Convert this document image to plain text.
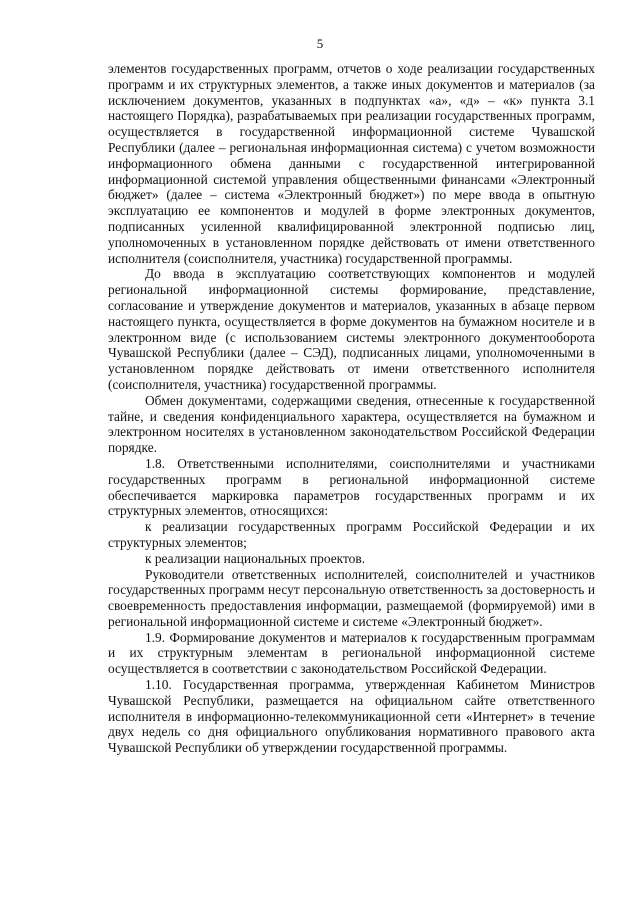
5

элементов государственных программ, отчетов о ходе реализации государственных программ и их структурных элементов, а также иных документов и материалов (за исключением документов, указанных в подпунктах «а», «д» – «к» пункта 3.1 настоящего Порядка), разрабатываемых при реализации государственных программ, осуществляется в государственной информационной системе Чувашской Республики (далее – региональная информационная система) с учетом возможности информационного обмена данными с государственной интегрированной информационной системой управления общественными финансами «Электронный бюджет» (далее – система «Электронный бюджет») по мере ввода в опытную эксплуатацию ее компонентов и модулей в форме электронных документов, подписанных усиленной квалифицированной электронной подписью лиц, уполномоченных в установленном порядке действовать от имени ответственного исполнителя (соисполнителя, участника) государственной программы.

До ввода в эксплуатацию соответствующих компонентов и модулей региональной информационной системы формирование, представление, согласование и утверждение документов и материалов, указанных в абзаце первом настоящего пункта, осуществляется в форме документов на бумажном носителе и в электронном виде (с использованием системы электронного документооборота Чувашской Республики (далее – СЭД), подписанных лицами, уполномоченными в установленном порядке действовать от имени ответственного исполнителя (соисполнителя, участника) государственной программы.

Обмен документами, содержащими сведения, отнесенные к государственной тайне, и сведения конфиденциального характера, осуществляется на бумажном и электронном носителях в установленном законодательством Российской Федерации порядке.

1.8. Ответственными исполнителями, соисполнителями и участниками государственных программ в региональной информационной системе обеспечивается маркировка параметров государственных программ и их структурных элементов, относящихся:

к реализации государственных программ Российской Федерации и их структурных элементов;

к реализации национальных проектов.

Руководители ответственных исполнителей, соисполнителей и участников государственных программ несут персональную ответственность за достоверность и своевременность предоставления информации, размещаемой (формируемой) ими в региональной информационной системе и системе «Электронный бюджет».

1.9. Формирование документов и материалов к государственным программам и их структурным элементам в региональной информационной системе осуществляется в соответствии с законодательством Российской Федерации.

1.10. Государственная программа, утвержденная Кабинетом Министров Чувашской Республики, размещается на официальном сайте ответственного исполнителя в информационно-телекоммуникационной сети «Интернет» в течение двух недель со дня официального опубликования нормативного правового акта Чувашской Республики об утверждении государственной программы.
